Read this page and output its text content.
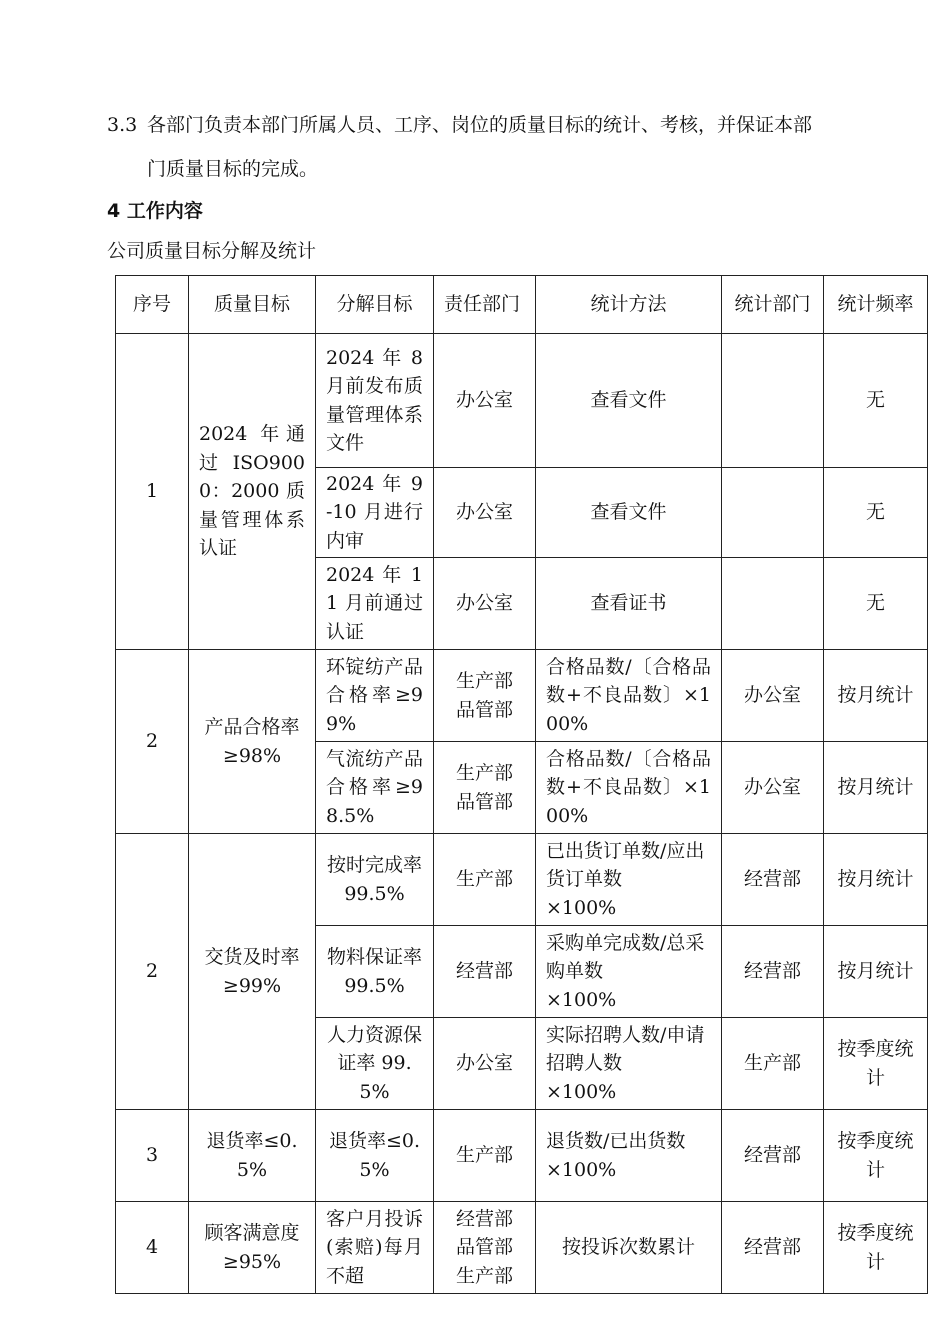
3.3 各部门负责本部门所属人员、工序、岗位的质量目标的统计、考核，并保证本部
门质量目标的完成。
4 工作内容
公司质量目标分解及统计
序号	质量目标	分解目标	责任部门	统计方法	统计部门	统计频率
1	2024 年通过 ISO9000：2000 质量管理体系认证	2024 年 8 月前发布质量管理体系文件	办公室	查看文件		无
		2024 年 9-10 月进行内审	办公室	查看文件		无
		2024 年 11 月前通过认证	办公室	查看证书		无
2	产品合格率≥98%	环锭纺产品合格率≥99%	生产部
品管部	合格品数/〔合格品数+不良品数〕×100%	办公室	按月统计
		气流纺产品合格率≥98.5%	生产部
品管部	合格品数/〔合格品数+不良品数〕×100%	办公室	按月统计
2	交货及时率≥99%	按时完成率 99.5%	生产部	已出货订单数/应出货订单数
×100%	经营部	按月统计
		物料保证率 99.5%	经营部	采购单完成数/总采购单数
×100%	经营部	按月统计
		人力资源保证率 99.5%	办公室	实际招聘人数/申请招聘人数
×100%	生产部	按季度统计
3	退货率≤0.5%	退货率≤0.5%	生产部	退货数/已出货数
×100%	经营部	按季度统计
4	顾客满意度≥95%	客户月投诉(索赔)每月不超	经营部
品管部
生产部	按投诉次数累计	经营部	按季度统计
